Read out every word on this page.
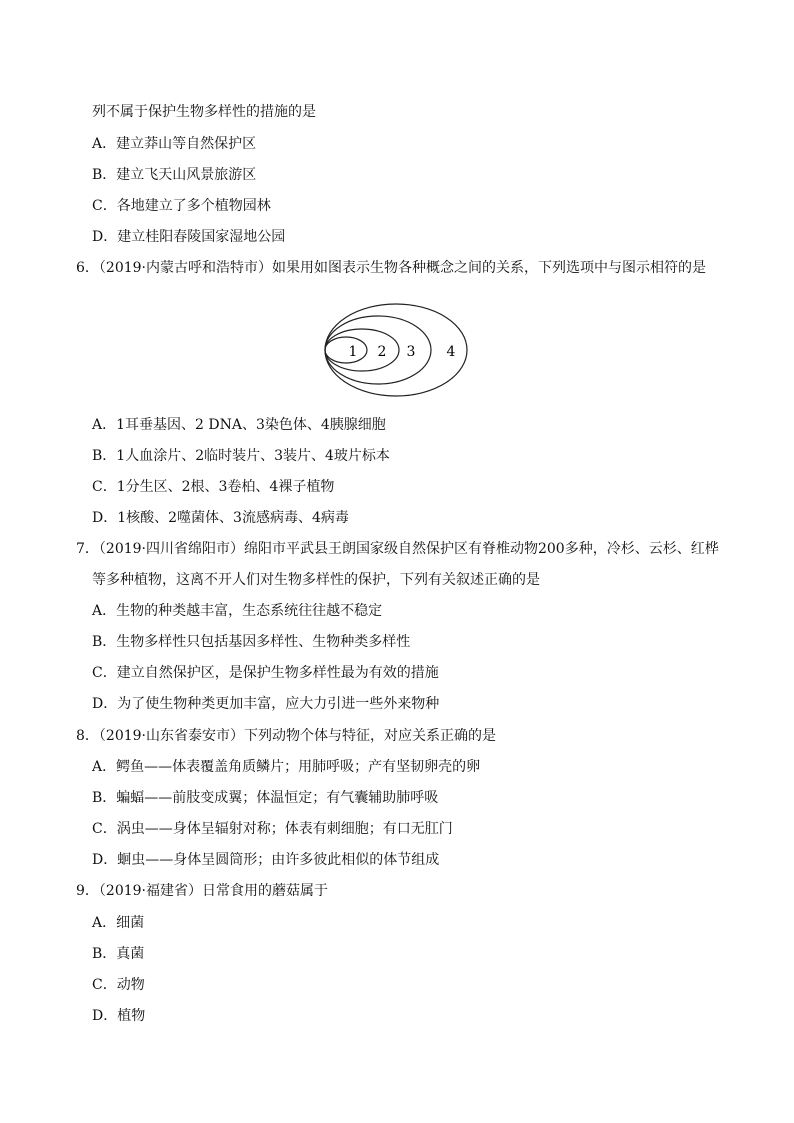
列不属于保护生物多样性的措施的是
A．建立莽山等自然保护区
B．建立飞天山风景旅游区
C．各地建立了多个植物园林
D．建立桂阳春陵国家湿地公园
6．（2019·内蒙古呼和浩特市）如果用如图表示生物各种概念之间的关系，下列选项中与图示相符的是
1 2 3 4
A．1耳垂基因、2 DNA、3染色体、4胰腺细胞
B．1人血涂片、2临时装片、3装片、4玻片标本
C．1分生区、2根、3卷柏、4裸子植物
D．1核酸、2噬菌体、3流感病毒、4病毒
7．（2019·四川省绵阳市）绵阳市平武县王朗国家级自然保护区有脊椎动物200多种，冷杉、云杉、红桦
等多种植物，这离不开人们对生物多样性的保护，下列有关叙述正确的是
A．生物的种类越丰富，生态系统往往越不稳定
B．生物多样性只包括基因多样性、生物种类多样性
C．建立自然保护区，是保护生物多样性最为有效的措施
D．为了使生物种类更加丰富，应大力引进一些外来物种
8．（2019·山东省泰安市）下列动物个体与特征，对应关系正确的是
A．鳄鱼——体表覆盖角质鳞片；用肺呼吸；产有坚韧卵壳的卵
B．蝙蝠——前肢变成翼；体温恒定；有气囊辅助肺呼吸
C．涡虫——身体呈辐射对称；体表有刺细胞；有口无肛门
D．蛔虫——身体呈圆筒形；由许多彼此相似的体节组成
9．（2019·福建省）日常食用的蘑菇属于
A．细菌
B．真菌
C．动物
D．植物
